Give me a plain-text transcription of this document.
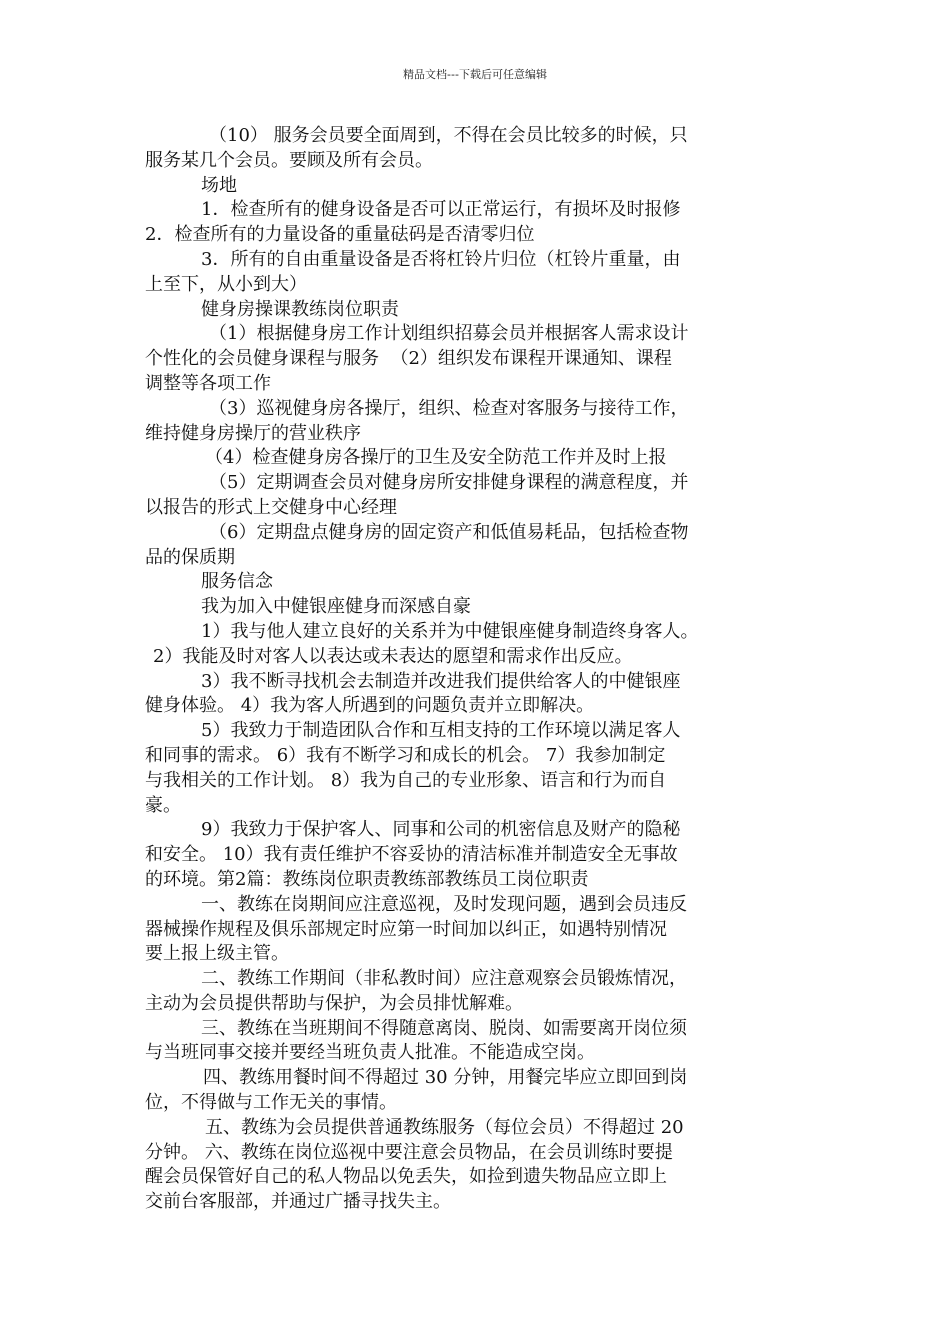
精品文档---下载后可任意编辑
（10） 服务会员要全面周到，不得在会员比较多的时候，只
服务某几个会员。要顾及所有会员。
场地
1．检查所有的健身设备是否可以正常运行，有损坏及时报修
2．检查所有的力量设备的重量砝码是否清零归位
3．所有的自由重量设备是否将杠铃片归位（杠铃片重量，由
上至下，从小到大）
健身房操课教练岗位职责
（1）根据健身房工作计划组织招募会员并根据客人需求设计
个性化的会员健身课程与服务  （2）组织发布课程开课通知、课程
调整等各项工作
（3）巡视健身房各操厅，组织、检查对客服务与接待工作，
维持健身房操厅的营业秩序
（4）检查健身房各操厅的卫生及安全防范工作并及时上报
（5）定期调查会员对健身房所安排健身课程的满意程度，并
以报告的形式上交健身中心经理
（6）定期盘点健身房的固定资产和低值易耗品，包括检查物
品的保质期
服务信念
我为加入中健银座健身而深感自豪
1）我与他人建立良好的关系并为中健银座健身制造终身客人。
2）我能及时对客人以表达或未表达的愿望和需求作出反应。
3）我不断寻找机会去制造并改进我们提供给客人的中健银座
健身体验。 4）我为客人所遇到的问题负责并立即解决。
5）我致力于制造团队合作和互相支持的工作环境以满足客人
和同事的需求。 6）我有不断学习和成长的机会。 7）我参加制定
与我相关的工作计划。 8）我为自己的专业形象、语言和行为而自
豪。
9）我致力于保护客人、同事和公司的机密信息及财产的隐秘
和安全。 10）我有责任维护不容妥协的清洁标准并制造安全无事故
的环境。第2篇：教练岗位职责教练部教练员工岗位职责
一、教练在岗期间应注意巡视，及时发现问题，遇到会员违反
器械操作规程及俱乐部规定时应第一时间加以纠正，如遇特别情况
要上报上级主管。
二、教练工作期间（非私教时间）应注意观察会员锻炼情况，
主动为会员提供帮助与保护，为会员排忧解难。
三、教练在当班期间不得随意离岗、脱岗、如需要离开岗位须
与当班同事交接并要经当班负责人批准。不能造成空岗。
四、教练用餐时间不得超过 30 分钟，用餐完毕应立即回到岗
位，不得做与工作无关的事情。
五、教练为会员提供普通教练服务（每位会员）不得超过 20
分钟。 六、教练在岗位巡视中要注意会员物品，在会员训练时要提
醒会员保管好自己的私人物品以免丢失，如捡到遗失物品应立即上
交前台客服部，并通过广播寻找失主。
